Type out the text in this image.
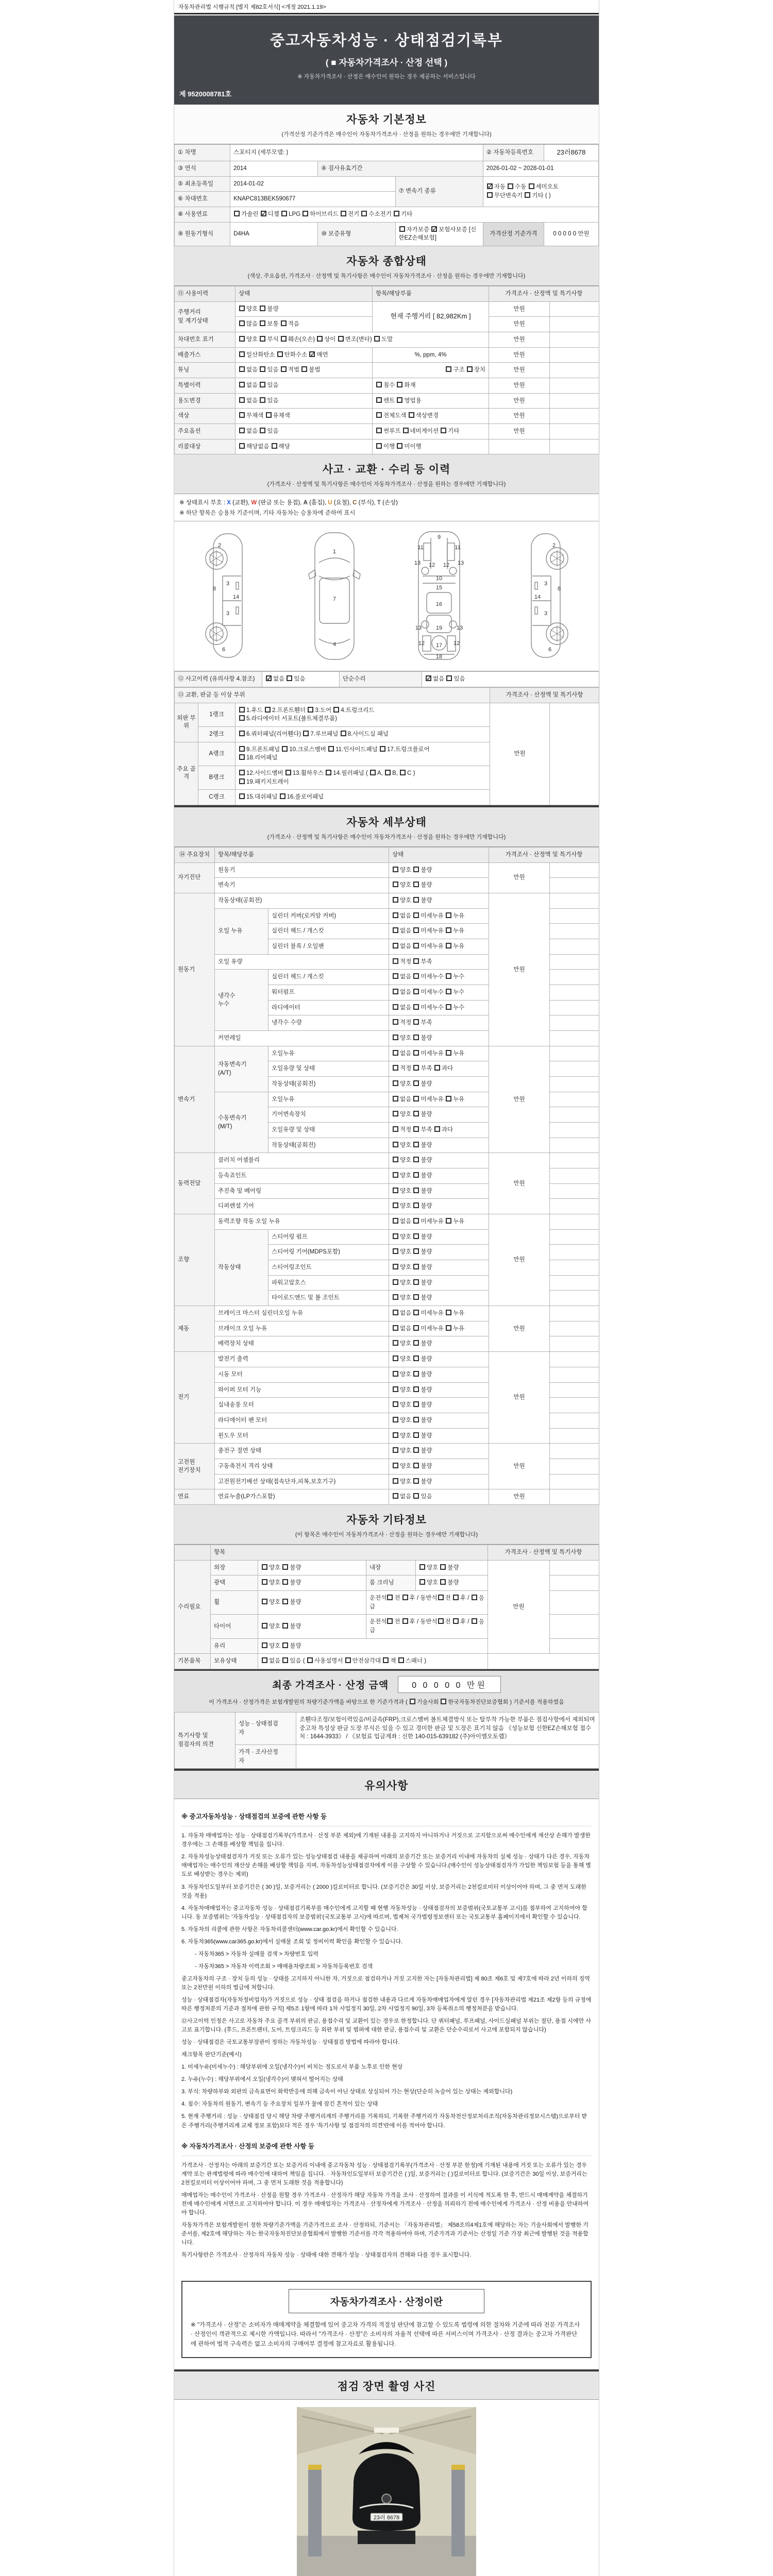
자동차관리법 시행규칙 [별지 제82호서식] <개정 2021.1.19>
중고자동차성능 · 상태점검기록부
( ■ 자동차가격조사 · 산정 선택 )
※ 자동차가격조사 · 산정은 매수인이 원하는 경우 제공하는 서비스입니다
제 9520008781호
자동차 기본정보
(가격산정 기준가격은 매수인이 자동차가격조사 · 산정을 원하는 경우에만 기재합니다)
① 차명	스포티지 (세부모델: )			② 자동차등록번호	23러8678
③ 연식	2014	④ 검사유효기간		2026-01-02 ~ 2028-01-01	
⑤ 최초등록일	2014-01-02		⑦ 변속기 종류	✓자동 수동 세미오토
무단변속기 기타 ( )
⑥ 차대번호	KNAPC813BEK590677				
⑧ 사용연료	가솔린 ✓디젤 LPG 하이브리드 전기 수소전기 기타
⑨ 원동기형식	D4HA	⑩ 보증유형	자가보증 ✓보험사보증 [신한EZ손해보험]	가격산정 기준가격	0 0 0 0 0 만원
자동차 종합상태
(색상, 주요옵션, 가격조사 · 산정액 및 특기사항은 매수인이 자동차가격조사 · 산정을 원하는 경우에만 기재합니다)
⑪ 사용이력	상태	항목/해당부품	가격조사 · 산정액 및 특기사항	
주행거리
및 계기상태	양호 불량	현재 주행거리 [ 82,982Km ]	만원	
	많음 보통 적음		만원	
차대번호 표기	양호 부식 훼손(오손) 상이 변조(변타) 도말		만원	
배출가스	일산화탄소 탄화수소 ✓매연	%, ppm, 4%	만원	
튜닝	없음 있음 적법 불법	구조 장치	만원	
특별이력	없음 있음	침수 화재	만원	
용도변경	없음 있음	렌트 영업용	만원	
색상	무채색 유채색	전체도색 색상변경	만원	
주요옵션	없음 있음	썬루프 네비게이션 기타	만원	
리콜대상	해당없음 해당	이행 미이행		
사고 · 교환 · 수리 등 이력
(가격조사 · 산정액 및 특기사항은 매수인이 자동차가격조사 · 산정을 원하는 경우에만 기재합니다)
※ 상태표시 부호 : X (교환), W (판금 또는 용접), A (흠집), U (요철), C (부식), T (손상)
※ 하단 항목은 승용차 기준이며, 기타 자동차는 승용차에 준하여 표시
2
8
3
14
3
6
1
7
4
9
11	11
13 12 12 13
10
15
16
13	19	13
12 17 12
18
2
8
3
14
3
6
⑫ 사고이력 (유의사항 4.참조)	✓없음 있음	단순수리	✓없음 있음
⑬ 교환, 판금 등 이상 부위			가격조사 · 산정액 및 특기사항	
외판 부위	1랭크	1.후드 2.프론트휀더 3.도어 4.트렁크리드
5.라디에이터 서포트(볼트체결부품)	만원	
	2랭크	6.쿼터패널(리어휀다) 7.루브패널 8.사이드실 패널		
주요 골격	A랭크	9.프론트패널 10.크로스멤버 11.인사이드패널 17.트렁크플로어
18.리어패널		
	B랭크	12.사이드멤버 13.휠하우스 14.필러패널 ( A, B, C )
19.패키지트레이		
	C랭크	15.대쉬패널 16.플로어패널		
자동차 세부상태
(가격조사 · 산정액 및 특기사항은 매수인이 자동차가격조사 · 산정을 원하는 경우에만 기재합니다)
⑭ 주요장치	항목/해당부품		상태	가격조사 · 산정액 및 특기사항	
자기진단	원동기		양호 불량	만원	
	변속기		양호 불량		
원동기	작동상태(공회전)		양호 불량	만원	
	오일 누유	실린더 커버(로커암 커버)	없음 미세누유 누유		
		실린더 헤드 / 개스킷	없음 미세누유 누유		
		실린더 블록 / 오일팬	없음 미세누유 누유		
	오일 유량		적정 부족		
	냉각수
누수	실린더 헤드 / 개스킷	없음 미세누수 누수		
		워터펌프	없음 미세누수 누수		
		라디에이터	없음 미세누수 누수		
		냉각수 수량	적정 부족		
	커먼레일		양호 불량		
변속기	자동변속기
(A/T)	오일누유	없음 미세누유 누유	만원	
		오일유량 및 상태	적정 부족 과다		
		작동상태(공회전)	양호 불량		
	수동변속기
(M/T)	오일누유	없음 미세누유 누유		
		기어변속장치	양호 불량		
		오일유량 및 상태	적정 부족 과다		
		작동상태(공회전)	양호 불량		
동력전달	클러치 어셈블리		양호 불량	만원	
	등속죠인트		양호 불량		
	추진축 및 베어링		양호 불량		
	디퍼렌셜 기어		양호 불량		
조향	동력조향 작동 오일 누유		없음 미세누유 누유	만원	
	작동상태	스티어링 펌프	양호 불량		
		스티어링 기어(MDPS포함)	양호 불량		
		스티어링조인트	양호 불량		
		파워고압호스	양호 불량		
		타이로드엔드 및 볼 조인트	양호 불량		
제동	브레이크 마스터 실린더오일 누유		없음 미세누유 누유	만원	
	브레이크 오일 누유		없음 미세누유 누유		
	배력장치 상태		양호 불량		
전기	발전기 출력		양호 불량	만원	
	시동 모터		양호 불량		
	와이퍼 모터 기능		양호 불량		
	실내송풍 모터		양호 불량		
	라디에이터 팬 모터		양호 불량		
	윈도우 모터		양호 불량		
고전원
전기장치	충전구 절연 상태		양호 불량	만원	
	구동축전지 격리 상태		양호 불량		
	고전원전기배선 상태(접속단자,피복,보호기구)		양호 불량		
연료	연료누출(LP가스포함)		없음 있음	만원	
자동차 기타정보
(이 항목은 매수인이 자동차가격조사 · 산정을 원하는 경우에만 기재합니다)
	항목				가격조사 · 산정액 및 특기사항	
수리필요	외장	양호 불량	내장	양호 불량	만원	
	광택	양호 불량	룸 크리닝	양호 불량		
	휠	양호 불량	운전석 전 후 / 동반석 전 후 / 응급			
	타이어	양호 불량	운전석 전 후 / 동반석 전 후 / 응급			
	유리	양호 불량				
기본품목	보유상태	없음 있음 ( 사용설명서 안전삼각대 잭 스패너 )				
최종 가격조사 · 산정 금액	0 0 0 0 0 만원
이 가격조사 · 산정가격은 보험개발원의 차량기준가액을 바탕으로 한 기준가격과 ( 기술사회 한국자동차진단보증협회 ) 기준서를 적용하였음
특기사항 및
점검자의 의견	성능 · 상태점검
자	조휀다조정/보험이력있음/비금속(FRP),크로스멤버 볼트체결방식 또는 탈부착 가능한 부품은 점검사항에서 제외되며 중고차 특성상 판금 도장 부식은 있을 수 있고 경미한 판금 및 도장은 표기치 않음 《성능보험 신한EZ손해보험 접수처 : 1644-3933》 / 《보험료 입금계좌 : 신한 140-015-639182 (주)아이엠오토랩》
	가격 · 조사산정
자	

유의사항
※ 중고자동차성능 · 상태점검의 보증에 관한 사항 등
1. 자동차 매매업자는 성능 · 상태점검기록부(가격조사 · 산정 부분 제외)에 기재된 내용을 고지하지 아니하거나 거짓으로 고지함으로써 매수인에게 재산상 손해가 발생한 경우에는 그 손해를 배상할 책임을 집니다.
2. 자동차성능상태점검자가 거짓 또는 오류가 있는 성능상태점검 내용을 제공하여 아래의 보증기간 또는 보증거리 이내에 자동차의 실제 성능 · 상태가 다른 경우, 자동차매매업자는 매수인의 재산상 손해를 배상할 책임을 지며, 자동차성능상태점검자에게 이를 구상할 수 있습니다.(매수인이 성능상태점검자가 가입한 책임보험 등을 통해 별도로 배상받는 경우는 제외)
3. 자동차인도일부터 보증기간은 ( 30 )일, 보증거리는 ( 2000 )킬로미터로 합니다. (보증기간은 30일 이상, 보증거리는 2천킬로미터 이상이어야 하며, 그 중 먼저 도래한 것을 적용)
4. 자동차매매업자는 중고자동차 성능 · 상태점검기록부를 매수인에게 고지할 때 현행 자동차성능 · 상태점검자의 보증범위(국토교통부 고시)를 첨부하여 고지하여야 합니다. 동 보증범위는 '자동차성능 · 상태점검자의 보증범위'(국토교통부 고시)에 따르며, 법제처 국가법령정보센터 또는 국토교통부 홈페이지에서 확인할 수 있습니다.
5. 자동차의 리콜에 관한 사항은 자동차리콜센터(www.car.go.kr)에서 확인할 수 있습니다.
6. 자동차365(www.car365.go.kr)에서 실매물 조회 및 정비이력 확인을 확인할 수 있습니다.
- 자동차365 > 자동차 실매물 검색 > 차량번호 입력
- 자동차365 > 자동차 이력조회 > 매매용차량조회 > 자동차등록번호 검색
중고자동차의 구조 · 장치 등의 성능 · 상태를 고지하지 아니한 자, 거짓으로 점검하거나 거짓 고지한 자는 [자동차관리법] 제 80조 제6호 및 제7호에 따라 2년 이하의 징역 또는 2천만원 이하의 벌금에 처합니다.
성능 · 상태점검자(자동차정비업자)가 거짓으로 성능 · 상태 점검을 하거나 점검한 내용과 다르게 자동차매매업자에게 알린 경우 [자동차관리법 제21조 제2항 등의 규정에 따른 행정처분의 기준과 절차에 관한 규칙] 제5조 1항에 따라 1차 사업정지 30일, 2차 사업정지 90일, 3차 등록취소의 행정처분을 받습니다.
⑫사고이력 인정은 사고로 자동차 주요 골격 부위의 판금, 용접수리 및 교환이 있는 경우로 한정합니다. 단 쿼터패널, 루프패널, 사이드실패널 부위는 절단, 용접 시에만 사고로 표기합니다. (후드, 프론트펜더, 도어, 트렁크리드 등 외판 부위 및 범퍼에 대한 판금, 용접수리 및 교환은 단순수리로서 사고에 포함되지 않습니다)
성능 · 상태점검은 국토교통부장관이 정하는 자동차성능 · 상태점검 방법에 따라야 합니다.
체크항목 판단기준(예시)
1. 미세누유(미세누수) : 해당부위에 오일(냉각수)이 비치는 정도로서 부품 노후로 인한 현상
2. 누유(누수) : 해당부위에서 오일(냉각수)이 맺혀서 떨어지는 상태
3. 부식: 차량하부와 외판의 금속표면이 화학반응에 의해 금속이 아닌 상태로 상실되어 가는 현상(단순히 녹슬어 있는 상태는 제외합니다)
4. 침수: 자동차의 원동기, 변속기 등 주요장치 일부가 물에 잠긴 흔적이 있는 상태
5. 현재 주행거리 : 성능 · 상태점검 당시 해당 차량 주행거리계의 주행거리를 기록하되, 기록한 주행거리가 자동차전산정보처리조직(자동차관리정보시스템)으로부터 받은 주행거리(주행거리계 교체 정보 포함)보다 적은 경우 '특기사항 및 점검자의 의견'란에 이를 적어야 합니다.
※ 자동차가격조사 · 산정의 보증에 관한 사항 등
가격조사 · 산정자는 아래의 보증기간 또는 보증거리 이내에 중고자동차 성능 · 상태점검기록부(가격조사 · 산정 부분 한정)에 기재된 내용에 거짓 또는 오류가 있는 경우 계약 또는 관계법령에 따라 매수인에 대하여 책임을 집니다. · 자동차인도일부터 보증기간은 ( )일, 보증거리는 ( )킬로미터로 합니다. (보증기간은 30일 이상, 보증거리는 2천킬로미터 이상이어야 하며, 그 중 먼저 도래한 것을 적용합니다)
매매업자는 매수인이 가격조사 · 산정을 원할 경우 가격조사 · 산정자가 해당 자동차 가격을 조사 · 산정하여 결과를 이 서식에 적도록 한 후, 반드시 매매계약을 체결하기 전에 매수인에게 서면으로 고지하여야 합니다. 이 경우 매매업자는 가격조사 · 산정자에게 가격조사 · 산정을 의뢰하기 전에 매수인에게 가격조사 · 산정 비용을 안내하여야 합니다.
자동차가격은 보험개발원이 정한 차량기준가액을 기준가격으로 조사 · 산정하되, 기준서는 「자동차관리법」 제58조의4제1호에 해당하는 자는 기술사회에서 발행한 기준서를, 제2호에 해당하는 자는 한국자동차진단보증협회에서 발행한 기준서를 각각 적용하여야 하며, 기준가격과 기준서는 산정일 기준 가장 최근에 발행된 것을 적용합니다.
특기사항란은 가격조사 · 산정자의 자동차 성능 · 상태에 대한 견해가 성능 · 상태점검자의 견해와 다를 경우 표시합니다.
자동차가격조사 · 산정이란
※ "가격조사 · 산정"은 소비자가 매매계약을 체결함에 있어 중고차 가격의 적절성 판단에 참고할 수 있도록 법령에 의한 절차와 기준에 따라 전문 가격조사 · 산정인이 객관적으로 제시한 가액입니다. 따라서 "가격조사 · 산정"은 소비자의 자율적 선택에 따른 서비스이며 가격조사 · 산정 결과는 중고차 가격판단에 관하여 법적 구속력은 없고 소비자의 구매여부 결정에 참고자료로 활용됩니다.
점검 장면 촬영 사진
23러 8678
